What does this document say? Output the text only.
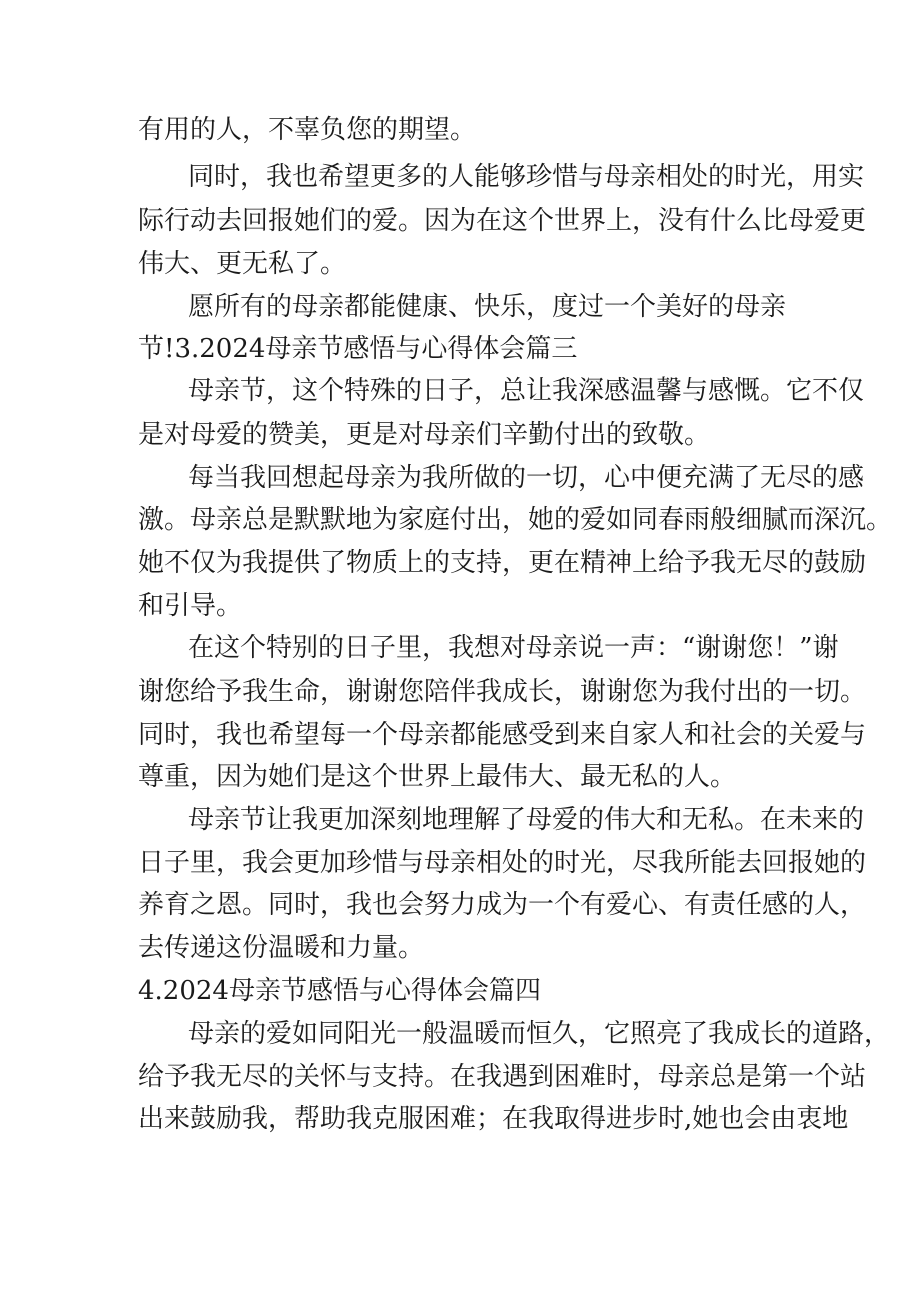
有用的人，不辜负您的期望。
同时，我也希望更多的人能够珍惜与母亲相处的时光，用实
际行动去回报她们的爱。因为在这个世界上，没有什么比母爱更
伟大、更无私了。
愿所有的母亲都能健康、快乐，度过一个美好的母亲
节!3.2024母亲节感悟与心得体会篇三
母亲节，这个特殊的日子，总让我深感温馨与感慨。它不仅
是对母爱的赞美，更是对母亲们辛勤付出的致敬。
每当我回想起母亲为我所做的一切，心中便充满了无尽的感
激。母亲总是默默地为家庭付出，她的爱如同春雨般细腻而深沉。
她不仅为我提供了物质上的支持，更在精神上给予我无尽的鼓励
和引导。
在这个特别的日子里，我想对母亲说一声：“谢谢您！”谢
谢您给予我生命，谢谢您陪伴我成长，谢谢您为我付出的一切。
同时，我也希望每一个母亲都能感受到来自家人和社会的关爱与
尊重，因为她们是这个世界上最伟大、最无私的人。
母亲节让我更加深刻地理解了母爱的伟大和无私。在未来的
日子里，我会更加珍惜与母亲相处的时光，尽我所能去回报她的
养育之恩。同时，我也会努力成为一个有爱心、有责任感的人，
去传递这份温暖和力量。
4.2024母亲节感悟与心得体会篇四
母亲的爱如同阳光一般温暖而恒久，它照亮了我成长的道路，
给予我无尽的关怀与支持。在我遇到困难时，母亲总是第一个站
出来鼓励我，帮助我克服困难；在我取得进步时,她也会由衷地
